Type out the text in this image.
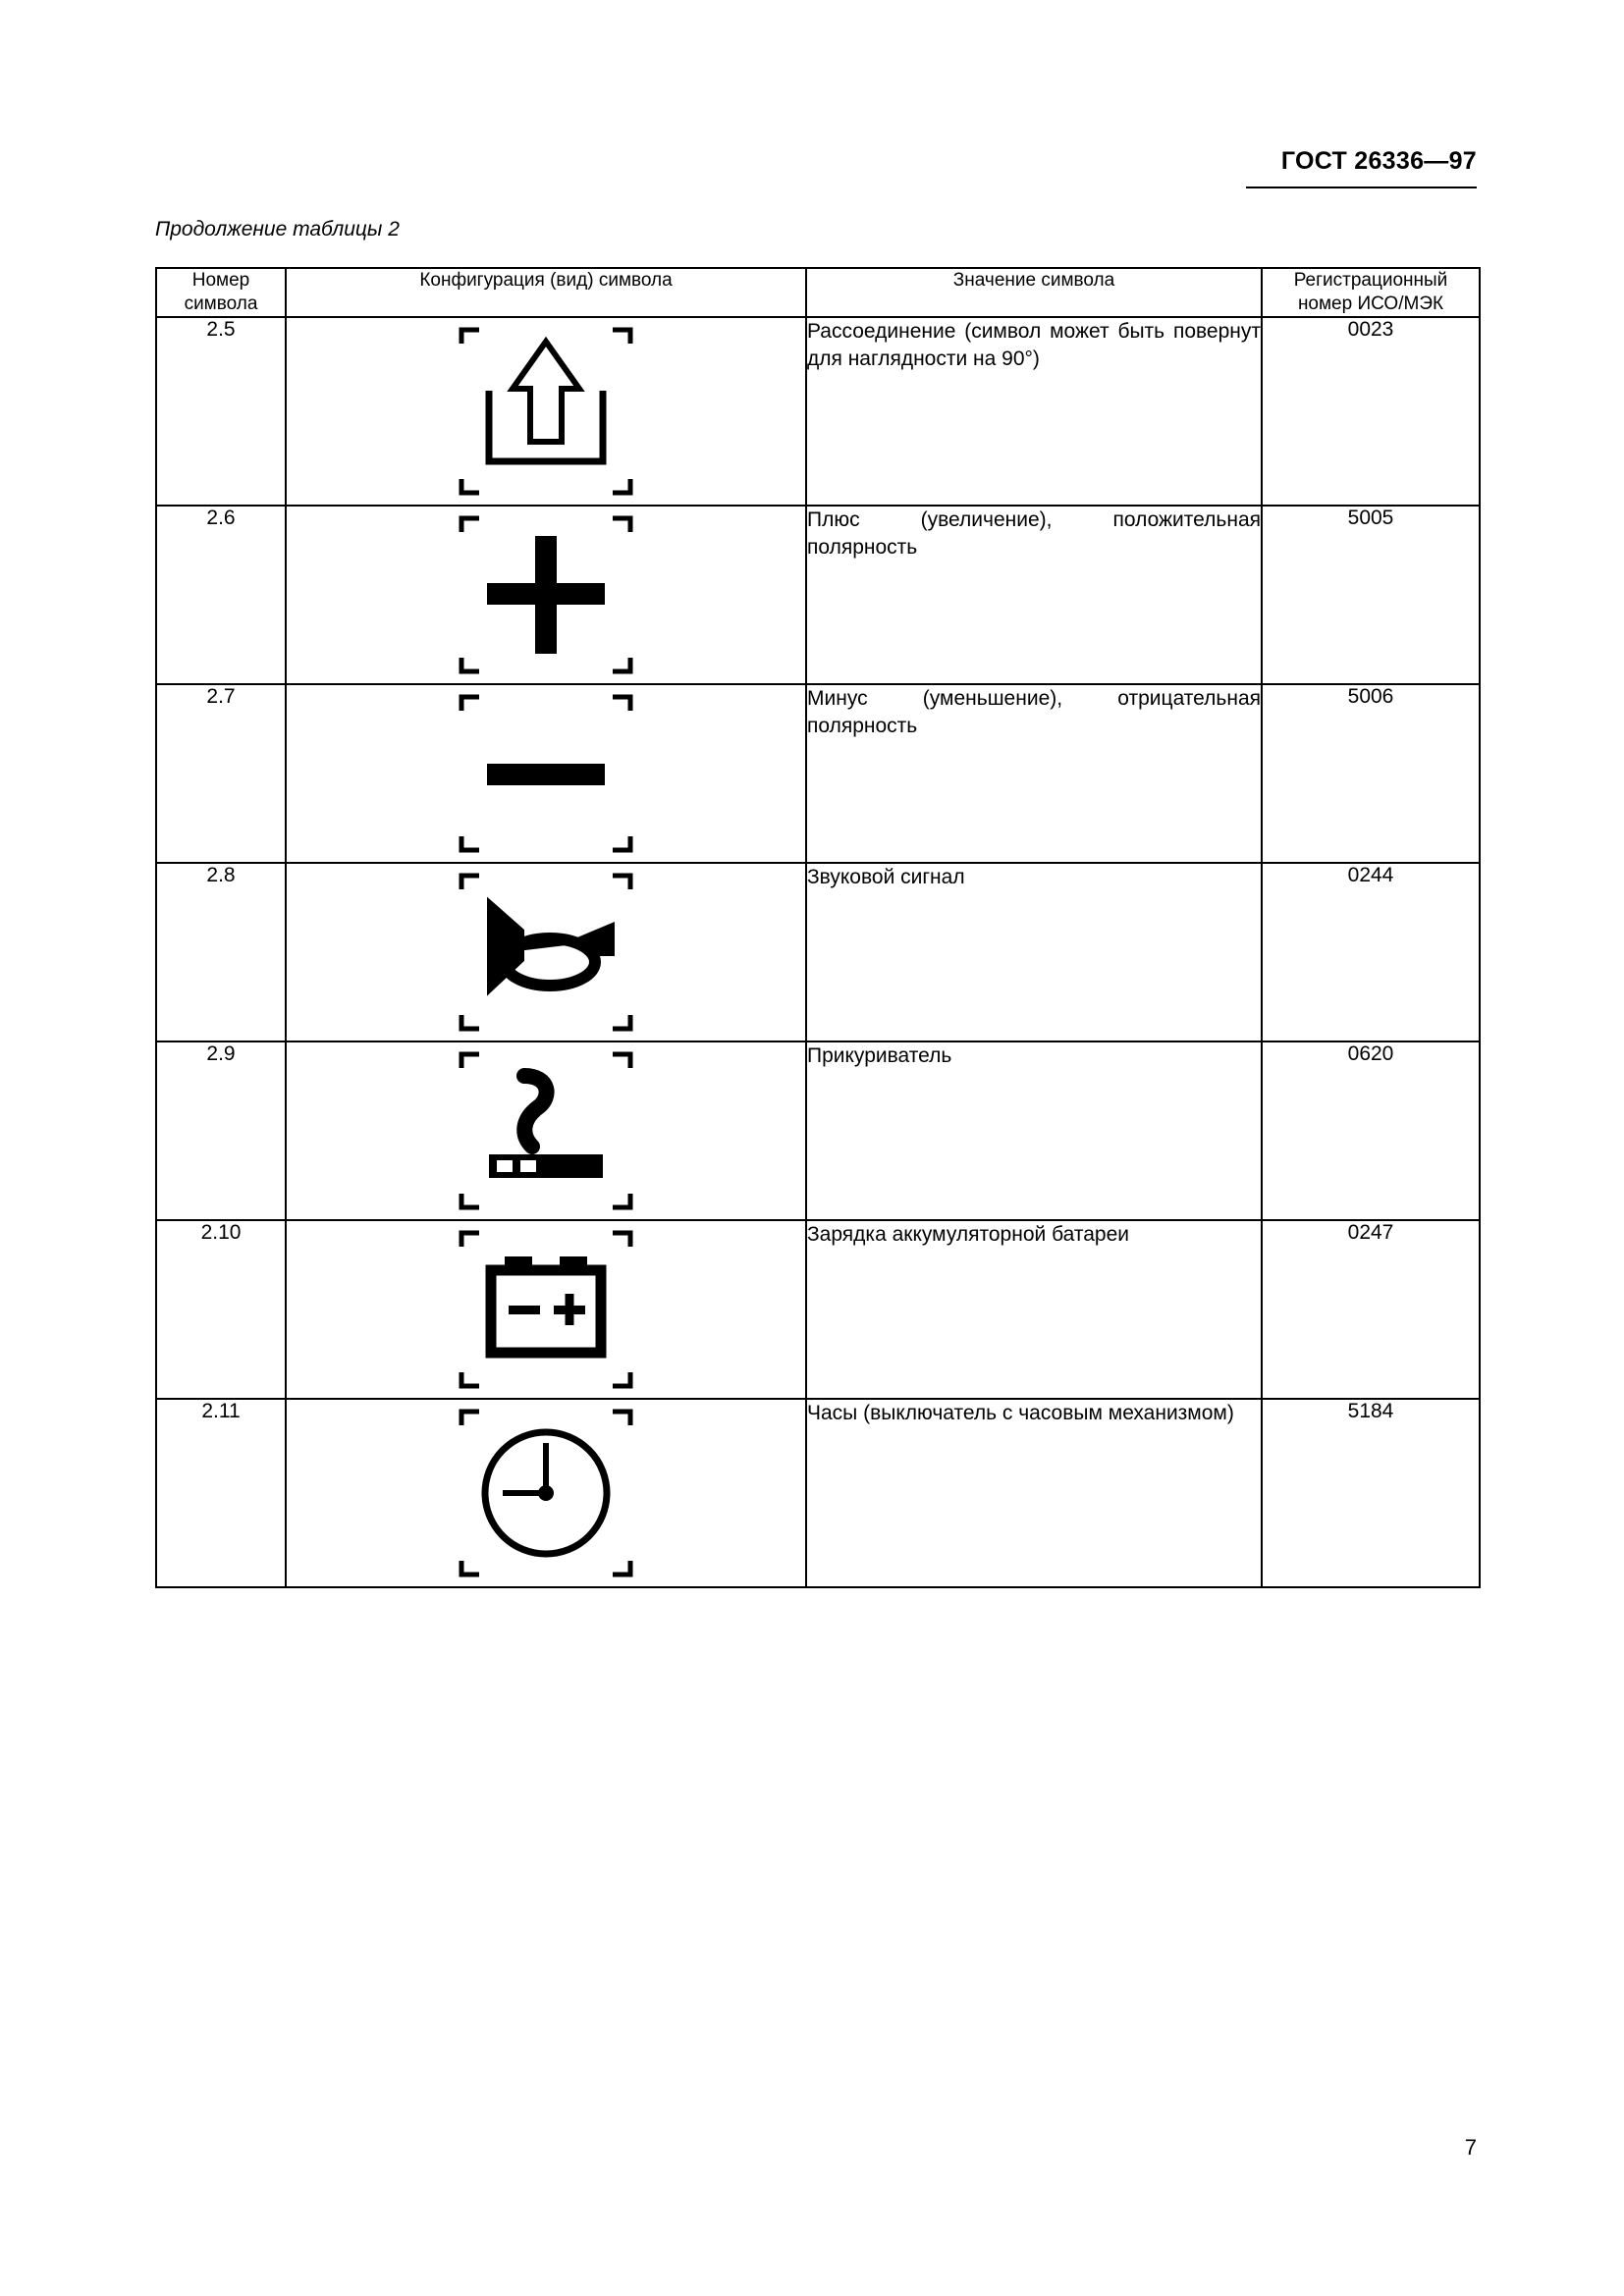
ГОСТ 26336—97
Продолжение таблицы 2
Номер
символа	Конфигурация (вид) символа	Значение символа	Регистрационный
номер ИСО/МЭК
2.5		Рассоединение (символ может быть повернут для наглядности на 90°)	0023
2.6		Плюс (увеличение), положительная полярность	5005
2.7		Минус (уменьшение), отрицательная полярность	5006
2.8		Звуковой сигнал	0244
2.9		Прикуриватель	0620
2.10		Зарядка аккумуляторной батареи	0247
2.11		Часы (выключатель с часовым механизмом)	5184
7
